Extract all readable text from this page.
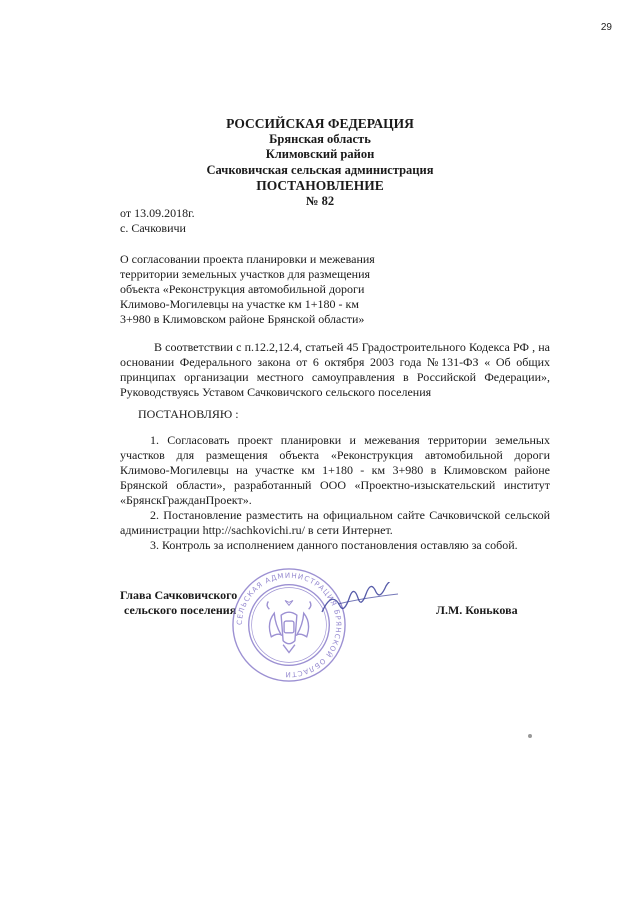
29
РОССИЙСКАЯ ФЕДЕРАЦИЯ
Брянская область
Климовский район
Сачковичская сельская администрация
ПОСТАНОВЛЕНИЕ
№ 82
от 13.09.2018г.
с. Сачковичи
О согласовании проекта планировки и межевания
территории земельных участков для размещения
объекта «Реконструкция автомобильной дороги
Климово-Могилевцы на участке км 1+180 - км
3+980 в Климовском районе Брянской области»
В соответствии с п.12.2,12.4, статьей 45 Градостроительного Кодекса РФ , на основании Федерального закона от 6 октября 2003 года №131-ФЗ « Об общих принципах организации местного самоуправления в Российской Федерации», Руководствуясь Уставом Сачковичского сельского поселения
ПОСТАНОВЛЯЮ :

1. Согласовать проект планировки и межевания территории земельных участков для размещения объекта «Реконструкция автомобильной дороги Климово-Могилевцы на участке км 1+180 - км 3+980 в Климовском районе Брянской области», разработанный ООО «Проектно-изыскательский институт «БрянскГражданПроект».

2. Постановление разместить на официальном сайте Сачковичской сельской администрации http://sachkovichi.ru/ в сети Интернет.

3. Контроль за исполнением данного постановления оставляю за собой.

Глава Сачковичского
сельского поселения
СЕЛЬСКАЯ АДМИНИСТРАЦИЯ БРЯНСКОЙ ОБЛАСТИ
Л.М. Конькова
